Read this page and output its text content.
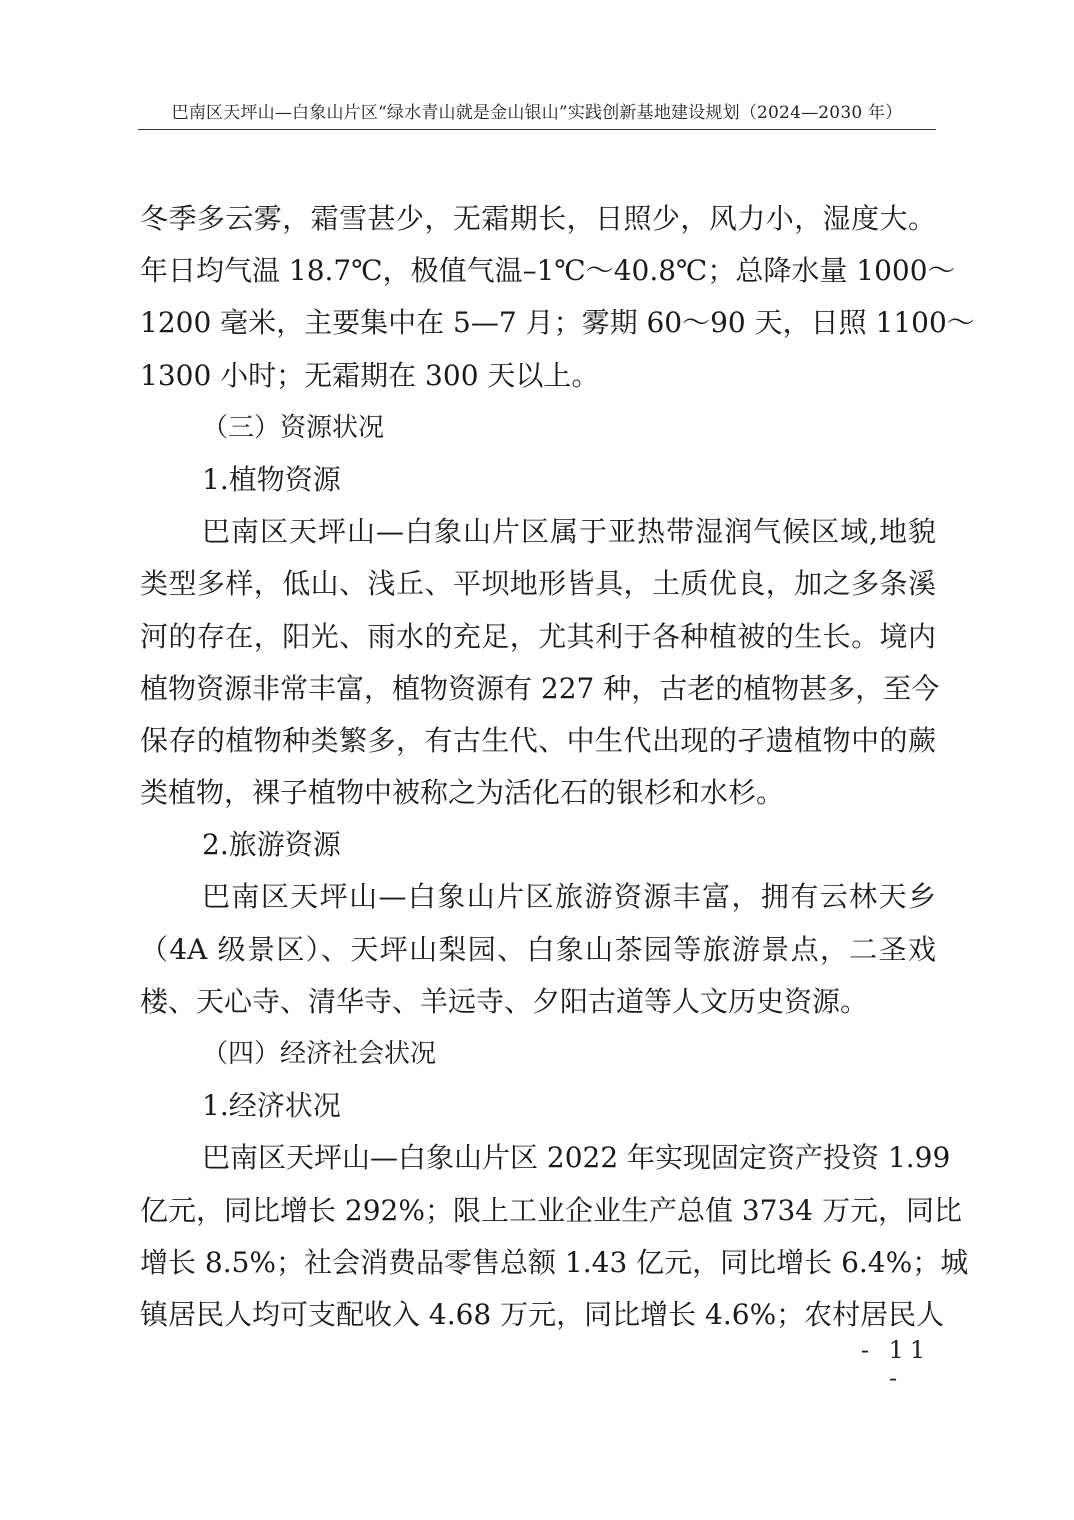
巴南区天坪山—白象山片区“绿水青山就是金山银山”实践创新基地建设规划（2024—2030 年）
冬季多云雾，霜雪甚少，无霜期长，日照少，风力小，湿度大。
年日均气温 18.7℃，极值气温–1℃～40.8℃；总降水量 1000～
1200 毫米，主要集中在 5—7 月；雾期 60～90 天，日照 1100～
1300 小时；无霜期在 300 天以上。
（三）资源状况
1.植物资源
巴南区天坪山—白象山片区属于亚热带湿润气候区域,地貌
类型多样，低山、浅丘、平坝地形皆具，土质优良，加之多条溪
河的存在，阳光、雨水的充足，尤其利于各种植被的生长。境内
植物资源非常丰富，植物资源有 227 种，古老的植物甚多，至今
保存的植物种类繁多，有古生代、中生代出现的孑遗植物中的蕨
类植物，裸子植物中被称之为活化石的银杉和水杉。
2.旅游资源
巴南区天坪山—白象山片区旅游资源丰富，拥有云林天乡
（4A 级景区）、天坪山梨园、白象山茶园等旅游景点，二圣戏
楼、天心寺、清华寺、羊远寺、夕阳古道等人文历史资源。
（四）经济社会状况
1.经济状况
巴南区天坪山—白象山片区 2022 年实现固定资产投资 1.99
亿元，同比增长 292%；限上工业企业生产总值 3734 万元，同比
增长 8.5%；社会消费品零售总额 1.43 亿元，同比增长 6.4%；城
镇居民人均可支配收入 4.68 万元，同比增长 4.6%；农村居民人
- 11 -
